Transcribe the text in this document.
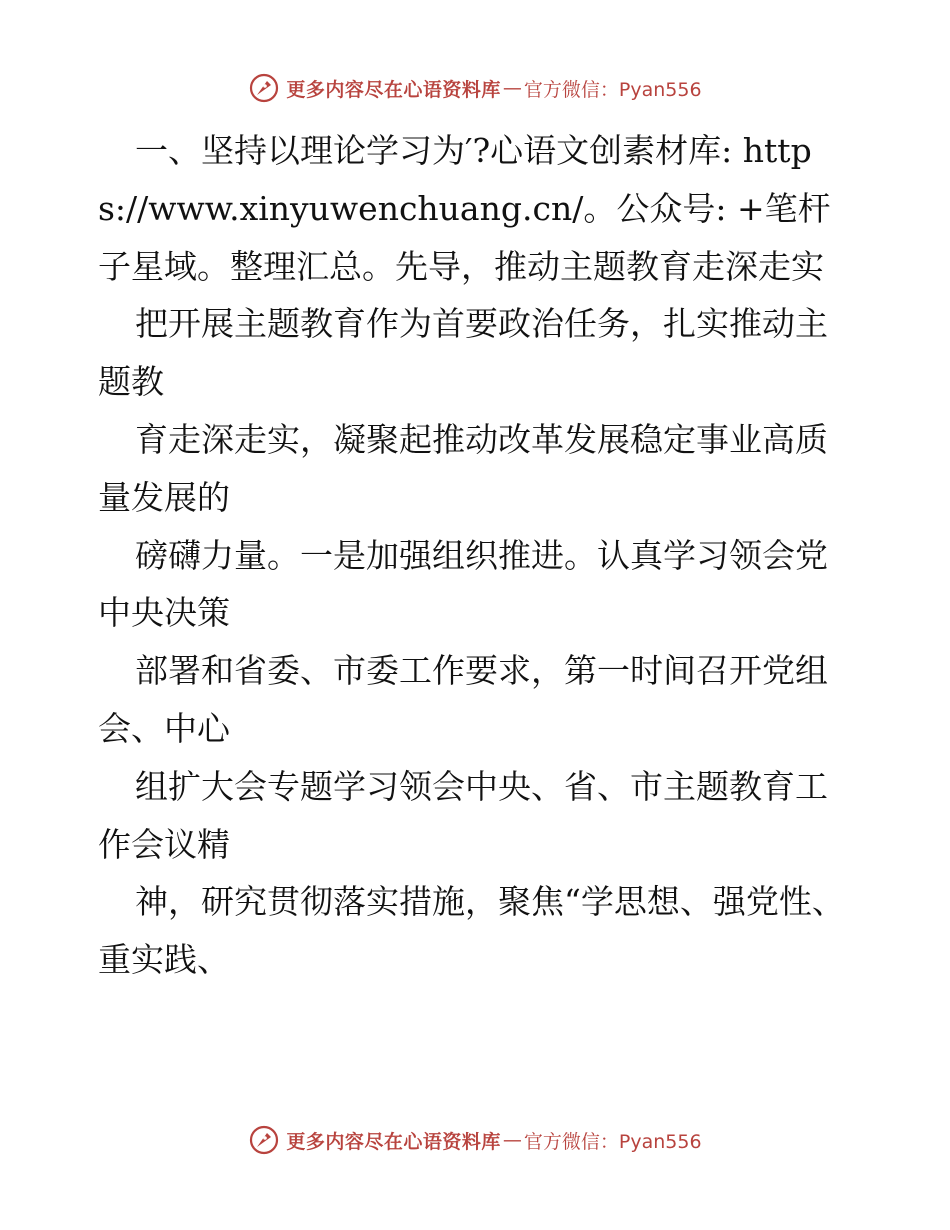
更多内容尽在心语资料库 — 官方微信：Pyan556

一、坚持以理论学习为′?心语文创素材库: https://www.xinyuwenchuang.cn/。公众号: +笔杆子星域。整理汇总。先导，推动主题教育走深走实

把开展主题教育作为首要政治任务，扎实推动主题教

育走深走实，凝聚起推动改革发展稳定事业高质量发展的

磅礴力量。一是加强组织推进。认真学习领会党中央决策

部署和省委、市委工作要求，第一时间召开党组会、中心

组扩大会专题学习领会中央、省、市主题教育工作会议精

神，研究贯彻落实措施，聚焦“学思想、强党性、重实践、

更多内容尽在心语资料库 — 官方微信：Pyan556
